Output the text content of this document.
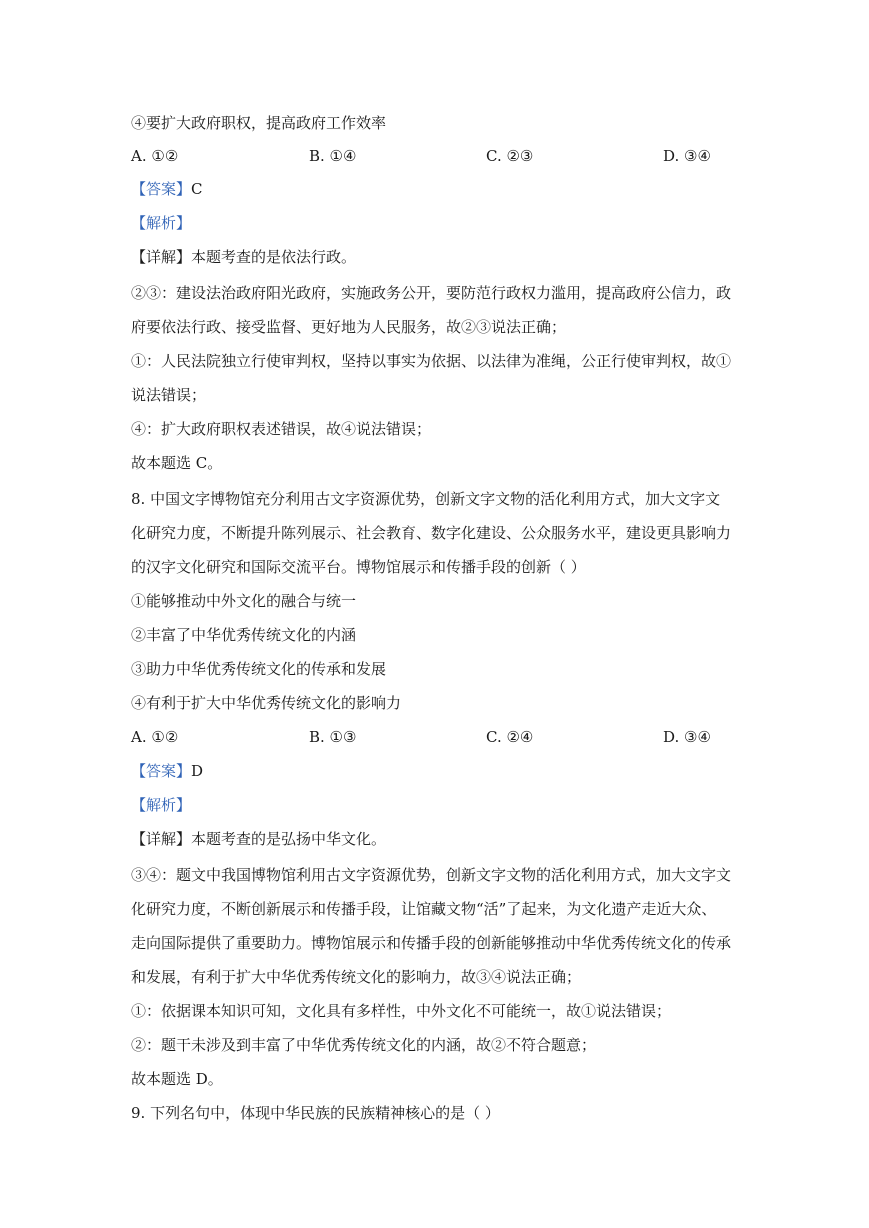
④要扩大政府职权，提高政府工作效率
A. ①②	B. ①④	C. ②③	D. ③④
【答案】C
【解析】
【详解】本题考查的是依法行政。
②③：建设法治政府阳光政府，实施政务公开，要防范行政权力滥用，提高政府公信力，政
府要依法行政、接受监督、更好地为人民服务，故②③说法正确；
①：人民法院独立行使审判权，坚持以事实为依据、以法律为准绳，公正行使审判权，故①
说法错误；
④：扩大政府职权表述错误，故④说法错误；
故本题选 C。
8. 中国文字博物馆充分利用古文字资源优势，创新文字文物的活化利用方式，加大文字文
化研究力度，不断提升陈列展示、社会教育、数字化建设、公众服务水平，建设更具影响力
的汉字文化研究和国际交流平台。博物馆展示和传播手段的创新（ ）
①能够推动中外文化的融合与统一
②丰富了中华优秀传统文化的内涵
③助力中华优秀传统文化的传承和发展
④有利于扩大中华优秀传统文化的影响力
A. ①②	B. ①③	C. ②④	D. ③④
【答案】D
【解析】
【详解】本题考查的是弘扬中华文化。
③④：题文中我国博物馆利用古文字资源优势，创新文字文物的活化利用方式，加大文字文
化研究力度，不断创新展示和传播手段，让馆藏文物“活”了起来，为文化遗产走近大众、
走向国际提供了重要助力。博物馆展示和传播手段的创新能够推动中华优秀传统文化的传承
和发展，有利于扩大中华优秀传统文化的影响力，故③④说法正确；
①：依据课本知识可知，文化具有多样性，中外文化不可能统一，故①说法错误；
②：题干未涉及到丰富了中华优秀传统文化的内涵，故②不符合题意；
故本题选 D。
9. 下列名句中，体现中华民族的民族精神核心的是（ ）
